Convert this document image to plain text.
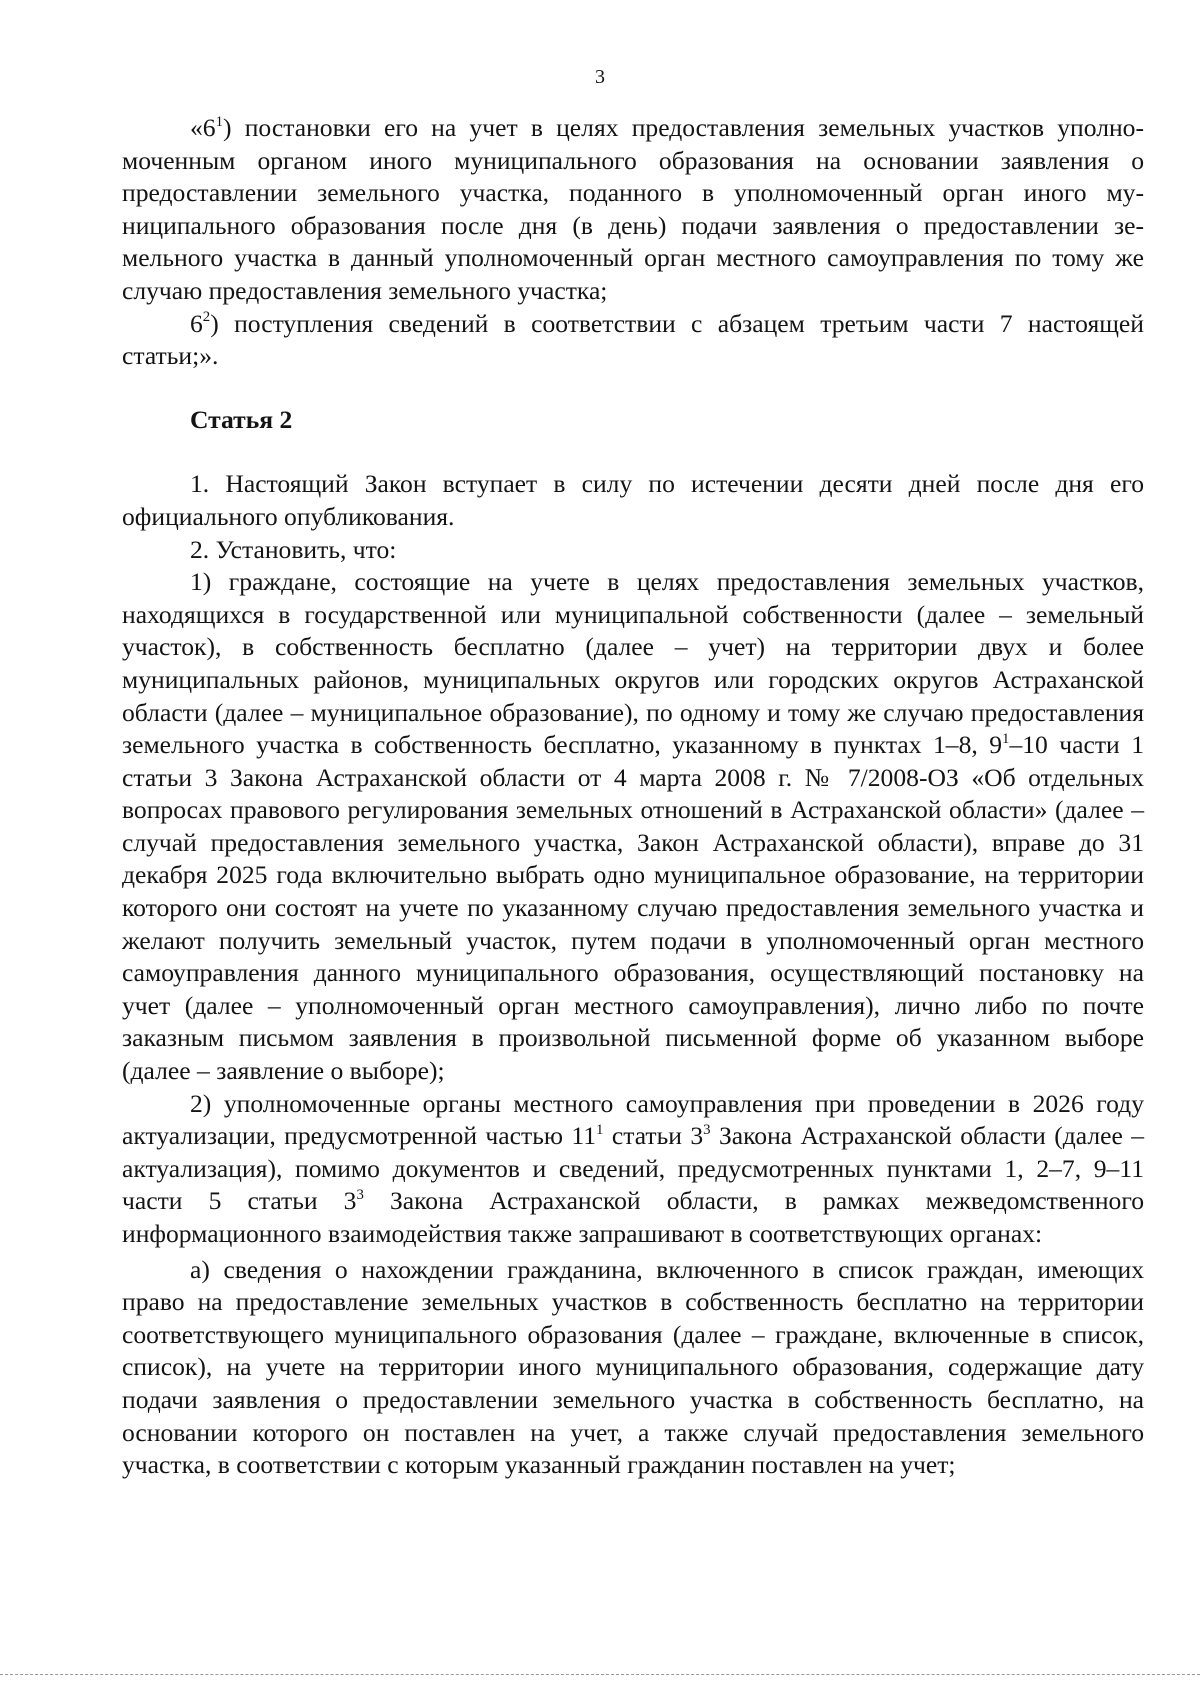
3

«$6^1$) постановки его на учет в целях предоставления земельных участков уполномоченным органом иного муниципального образования на основании заявления о предоставлении земельного участка, поданного в уполномоченный орган иного муниципального образования после дня (в день) подачи заявления о предоставлении земельного участка в данный уполномоченный орган местного самоуправления по тому же случаю предоставления земельного участка;

$6^2$) поступления сведений в соответствии с абзацем третьим части 7 настоящей статьи;».

Статья 2

1. Настоящий Закон вступает в силу по истечении десяти дней после дня его официального опубликования.

2. Установить, что:

1) граждане, состоящие на учете в целях предоставления земельных участков, находящихся в государственной или муниципальной собственности (далее – земельный участок), в собственность бесплатно (далее – учет) на территории двух и более муниципальных районов, муниципальных округов или городских округов Астраханской области (далее – муниципальное образование), по одному и тому же случаю предоставления земельного участка в собственность бесплатно, указанному в пунктах 1–8, $9^1-10$ части 1 статьи 3 Закона Астраханской области от 4 марта 2008 г. № 7/2008-ОЗ «Об отдельных вопросах правового регулирования земельных отношений в Астраханской области» (далее – случай предоставления земельного участка, Закон Астраханской области), вправе до 31 декабря 2025 года включительно выбрать одно муниципальное образование, на территории которого они состоят на учете по указанному случаю предоставления земельного участка и желают получить земельный участок, путем подачи в уполномоченный орган местного самоуправления данного муниципального образования, осуществляющий постановку на учет (далее – уполномоченный орган местного самоуправления), лично либо по почте заказным письмом заявления в произвольной письменной форме об указанном выборе (далее – заявление о выборе);

2) уполномоченные органы местного самоуправления при проведении в 2026 году актуализации, предусмотренной частью $11^1$ статьи $3^3$ Закона Астраханской области (далее – актуализация), помимо документов и сведений, предусмотренных пунктами 1, 2–7, 9–11 части 5 статьи $3^3$ Закона Астраханской области, в рамках межведомственного информационного взаимодействия также запрашивают в соответствующих органах:

а) сведения о нахождении гражданина, включенного в список граждан, имеющих право на предоставление земельных участков в собственность бесплатно на территории соответствующего муниципального образования (далее – граждане, включенные в список, список), на учете на территории иного муниципального образования, содержащие дату подачи заявления о предоставлении земельного участка в собственность бесплатно, на основании которого он поставлен на учет, а также случай предоставления земельного участка, в соответствии с которым указанный гражданин поставлен на учет;
